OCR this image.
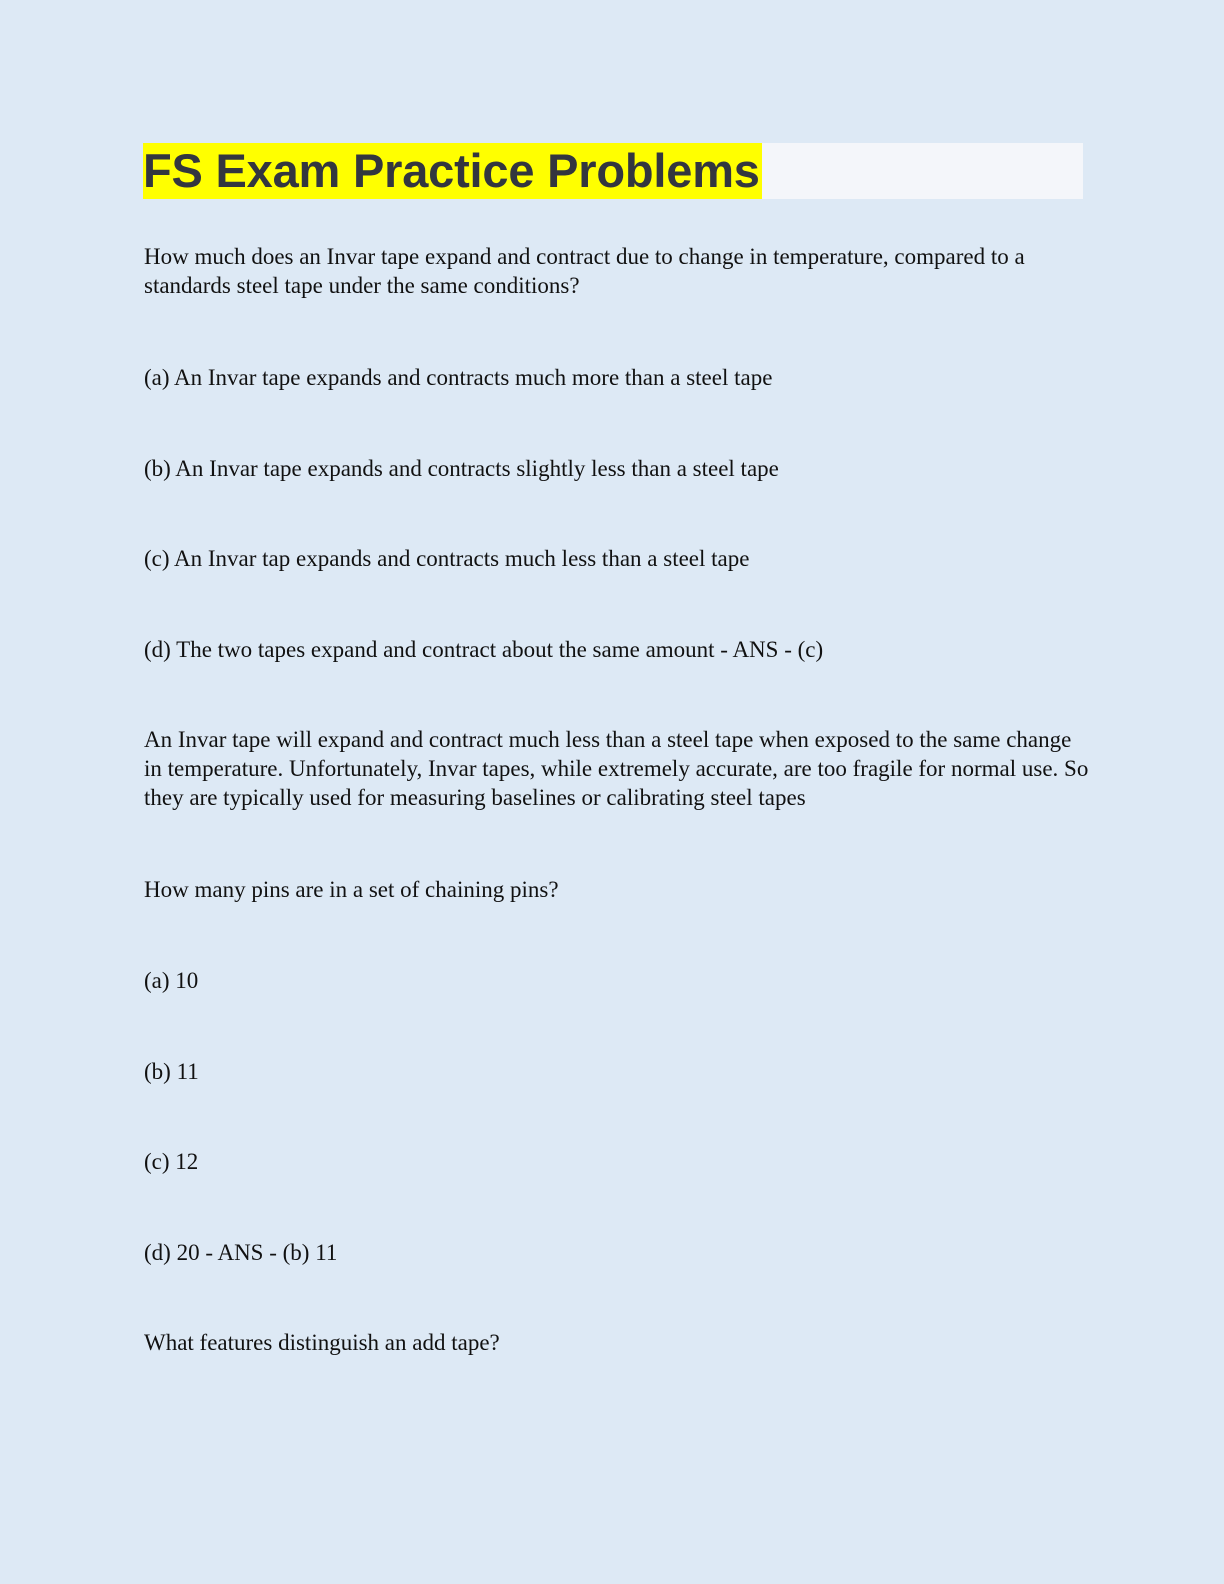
FS Exam Practice Problems

How much does an Invar tape expand and contract due to change in temperature, compared to a standards steel tape under the same conditions?

(a) An Invar tape expands and contracts much more than a steel tape

(b) An Invar tape expands and contracts slightly less than a steel tape

(c) An Invar tap expands and contracts much less than a steel tape

(d) The two tapes expand and contract about the same amount - ANS - (c)

An Invar tape will expand and contract much less than a steel tape when exposed to the same change in temperature. Unfortunately, Invar tapes, while extremely accurate, are too fragile for normal use. So they are typically used for measuring baselines or calibrating steel tapes

How many pins are in a set of chaining pins?

(a) 10

(b) 11

(c) 12

(d) 20 - ANS - (b) 11

What features distinguish an add tape?
